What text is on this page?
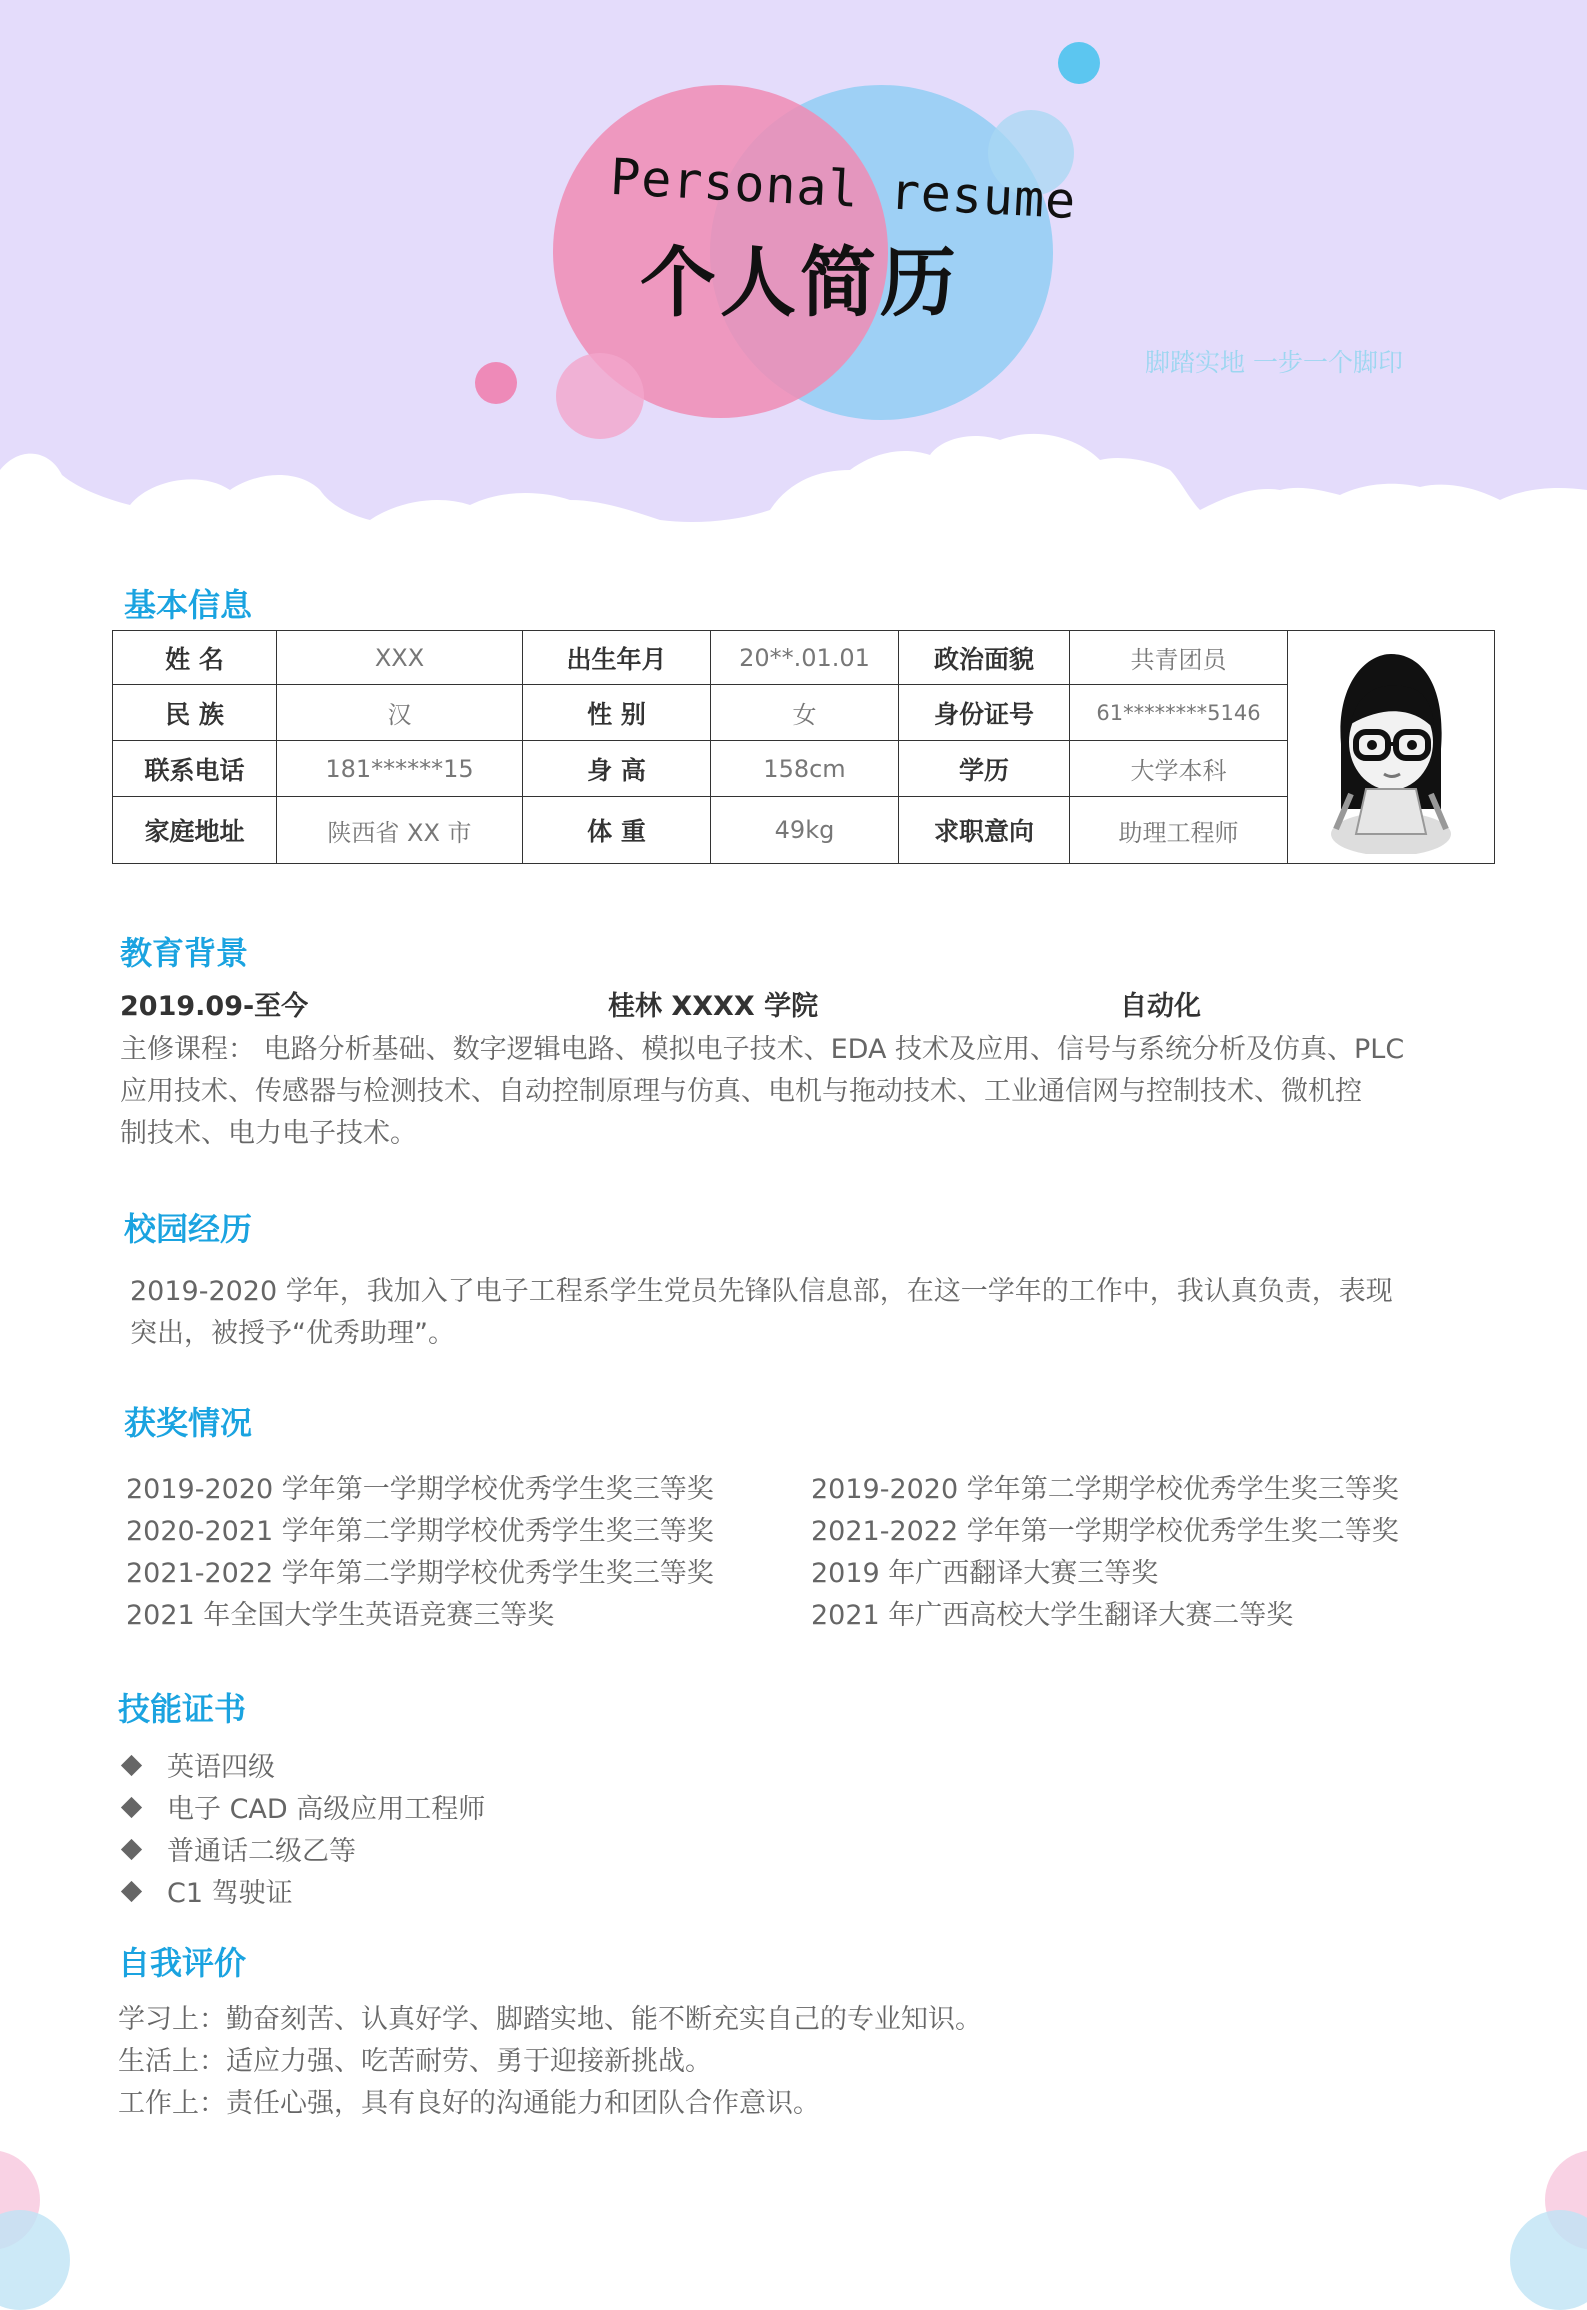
Personal resume
个人简历
脚踏实地 一步一个脚印
基本信息
姓 名	XXX	出生年月	20**.01.01	政治面貌	共青团员	
民 族	汉	性 别	女	身份证号	61********5146	
联系电话	181******15	身 高	158cm	学历	大学本科	
家庭地址	陕西省 XX 市	体 重	49kg	求职意向	助理工程师	
教育背景
2019.09-至今	桂林 XXXX 学院	自动化
主修课程： 电路分析基础、数字逻辑电路、模拟电子技术、EDA 技术及应用、信号与系统分析及仿真、PLC
应用技术、传感器与检测技术、自动控制原理与仿真、电机与拖动技术、工业通信网与控制技术、微机控
制技术、电力电子技术。
校园经历
2019-2020 学年，我加入了电子工程系学生党员先锋队信息部，在这一学年的工作中，我认真负责，表现
突出，被授予“优秀助理”。
获奖情况
2019-2020 学年第一学期学校优秀学生奖三等奖	2019-2020 学年第二学期学校优秀学生奖三等奖
2020-2021 学年第二学期学校优秀学生奖三等奖	2021-2022 学年第一学期学校优秀学生奖二等奖
2021-2022 学年第二学期学校优秀学生奖三等奖	2019 年广西翻译大赛三等奖
2021 年全国大学生英语竞赛三等奖	2021 年广西高校大学生翻译大赛二等奖
技能证书
英语四级
电子 CAD 高级应用工程师
普通话二级乙等
C1 驾驶证
自我评价
学习上：勤奋刻苦、认真好学、脚踏实地、能不断充实自己的专业知识。
生活上：适应力强、吃苦耐劳、勇于迎接新挑战。
工作上：责任心强，具有良好的沟通能力和团队合作意识。
